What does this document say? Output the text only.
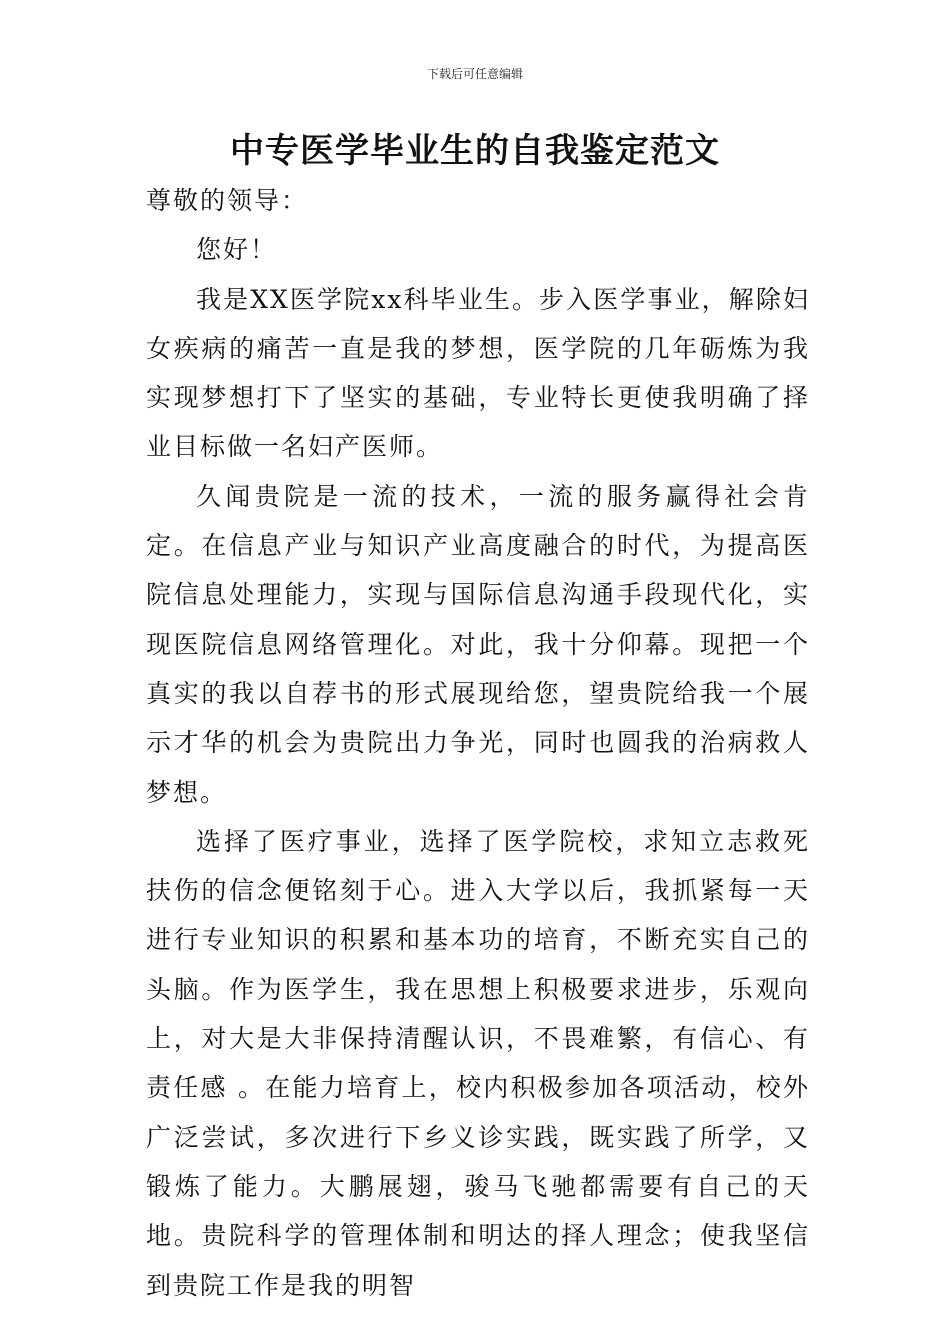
下载后可任意编辑
中专医学毕业生的自我鉴定范文

尊敬的领导：

您好！

我是XX医学院xx科毕业生。步入医学事业，解除妇女疾病的痛苦一直是我的梦想，医学院的几年砺炼为我实现梦想打下了坚实的基础，专业特长更使我明确了择业目标做一名妇产医师。

久闻贵院是一流的技术，一流的服务赢得社会肯定。在信息产业与知识产业高度融合的时代，为提高医院信息处理能力，实现与国际信息沟通手段现代化，实现医院信息网络管理化。对此，我十分仰幕。现把一个真实的我以自荐书的形式展现给您，望贵院给我一个展示才华的机会为贵院出力争光，同时也圆我的治病救人梦想。

选择了医疗事业，选择了医学院校，求知立志救死扶伤的信念便铭刻于心。进入大学以后，我抓紧每一天进行专业知识的积累和基本功的培育，不断充实自己的头脑。作为医学生，我在思想上积极要求进步，乐观向上，对大是大非保持清醒认识，不畏难繁，有信心、有责任感 。在能力培育上，校内积极参加各项活动，校外广泛尝试，多次进行下乡义诊实践，既实践了所学，又锻炼了能力。大鹏展翅，骏马飞驰都需要有自己的天地。贵院科学的管理体制和明达的择人理念；使我坚信到贵院工作是我的明智
